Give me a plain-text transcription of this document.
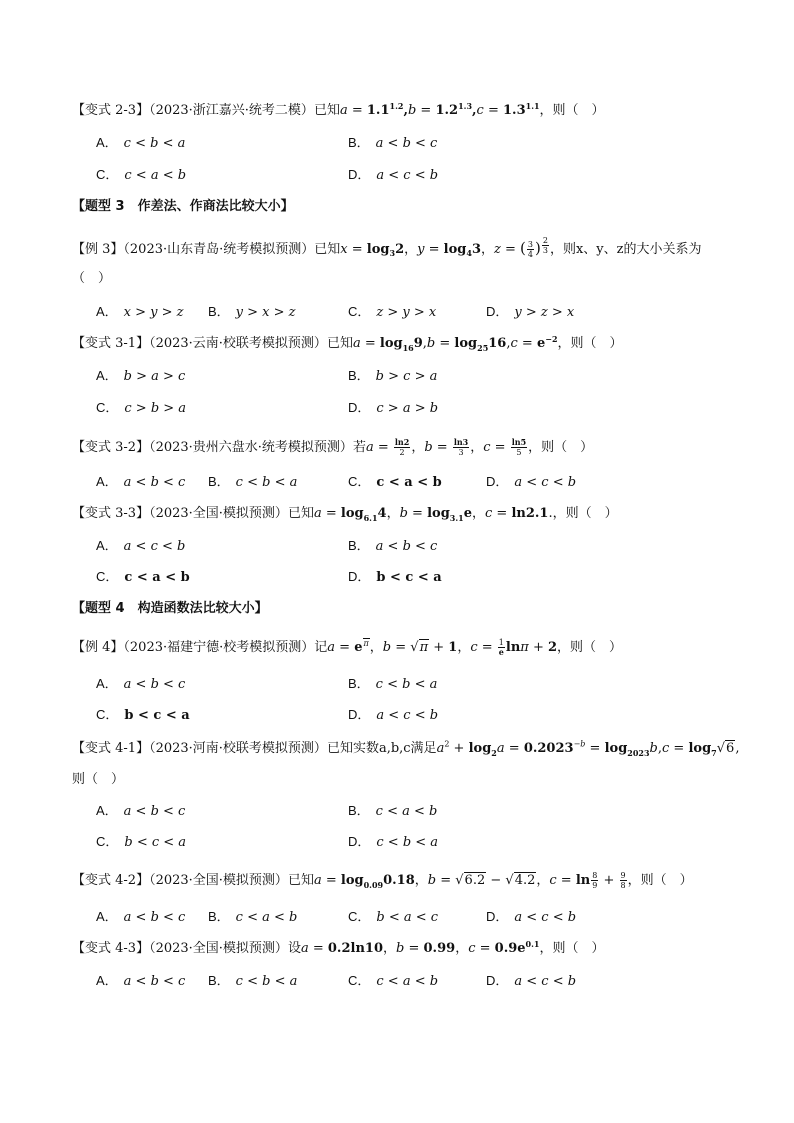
【变式 2-3】（2023·浙江嘉兴·统考二模）已知$a = 1.1^{1.2},b = 1.2^{1.3},c = 1.3^{1.1}$，则（　）
A． c < b < a	B． a < b < c
C． c < a < b	D． a < c < b
【题型 3　作差法、作商法比较大小】
【例 3】（2023·山东青岛·统考模拟预测）已知$x = \log_32$，$y = \log_43$，z = ( $\frac{3}{4}$ ) $^{\frac{2}{3}}$ ，则x、y、z的大小关系为
（　）
A． x > y > z B． y > x > z	C． z > y > x	D． y > z > x
【变式 3-1】（2023·云南·校联考模拟预测）已知$a = \log_{16}9,b = \log_{25}16,c = e^{-2}$，则（　）
A． b > a > c	B． b > c > a
C． c > b > a	D． c > a > b
【变式 3-2】（2023·贵州六盘水·统考模拟预测）若$a = \frac{\ln 2}{2}$ ，$b = \frac{\ln 3}{3}$ ，$c = \frac{\ln 5}{5}$ ，则（　）
A． a < b < c B． c < b < a	C． c < a < b	D． a < c < b
【变式 3-3】（2023·全国·模拟预测）已知$a = \log_{6.1}4$，$b = \log_{3.1}e$，c = ln2.1.，则（　）
A． a < c < b	B． a < b < c
C． c < a < b	D． b < c < a
【题型 4　构造函数法比较大小】
【例 4】（2023·福建宁德·校考模拟预测）记$a = e^\pi$，b = √π + 1，$c = \frac{1}{e}$ lnπ + 2，则（　）
A． a < b < c	B． c < b < a
C． b < c < a	D． a < c < b
【变式 4-1】（2023·河南·校联考模拟预测）已知实数a,b,c满足$a^2 + \log_2a = 0.2023^{-b} = \log_{2023}b,c = \log_7√6$,
则（　）
A． a < b < c	B． c < a < b
C． b < c < a	D． c < b < a
【变式 4-2】（2023·全国·模拟预测）已知$a = \log_{0.09}0.18$，b = √6.2 − √4.2，$c = \ln \frac{8}{9} + \frac{9}{8}$ ，则（　）
A． a < b < c B． c < a < b	C． b < a < c	D． a < c < b
【变式 4-3】（2023·全国·模拟预测）设a = 0.2ln10，b = 0.99，$c = 0.9e^{0.1}$，则（　）
A． a < b < c B． c < b < a	C． c < a < b	D． a < c < b
